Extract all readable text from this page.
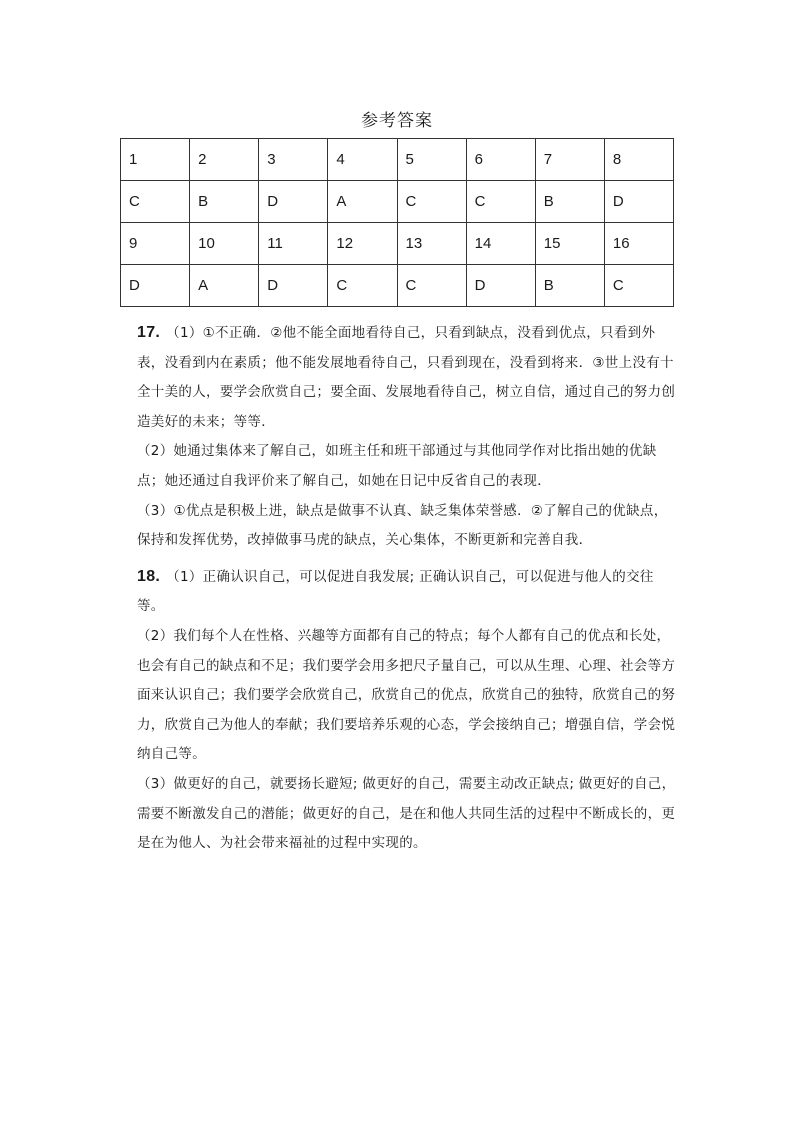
参考答案
1	2	3	4	5	6	7	8
C	B	D	A	C	C	B	D
9	10	11	12	13	14	15	16
D	A	D	C	C	D	B	C

17. （1）①不正确．②他不能全面地看待自己，只看到缺点，没看到优点，只看到外表，没看到内在素质；他不能发展地看待自己，只看到现在，没看到将来．③世上没有十全十美的人，要学会欣赏自己；要全面、发展地看待自己，树立自信，通过自己的努力创造美好的未来；等等．

（2）她通过集体来了解自己，如班主任和班干部通过与其他同学作对比指出她的优缺点；她还通过自我评价来了解自己，如她在日记中反省自己的表现．

（3）①优点是积极上进，缺点是做事不认真、缺乏集体荣誉感．②了解自己的优缺点，保持和发挥优势，改掉做事马虎的缺点，关心集体，不断更新和完善自我．

18. （1）正确认识自己，可以促进自我发展; 正确认识自己，可以促进与他人的交往等。

（2）我们每个人在性格、兴趣等方面都有自己的特点；每个人都有自己的优点和长处，也会有自己的缺点和不足；我们要学会用多把尺子量自己，可以从生理、心理、社会等方面来认识自己；我们要学会欣赏自己，欣赏自己的优点，欣赏自己的独特，欣赏自己的努力，欣赏自己为他人的奉献；我们要培养乐观的心态，学会接纳自己；增强自信，学会悦纳自己等。

（3）做更好的自己，就要扬长避短; 做更好的自己，需要主动改正缺点; 做更好的自己，需要不断激发自己的潜能；做更好的自己，是在和他人共同生活的过程中不断成长的，更是在为他人、为社会带来福祉的过程中实现的。
